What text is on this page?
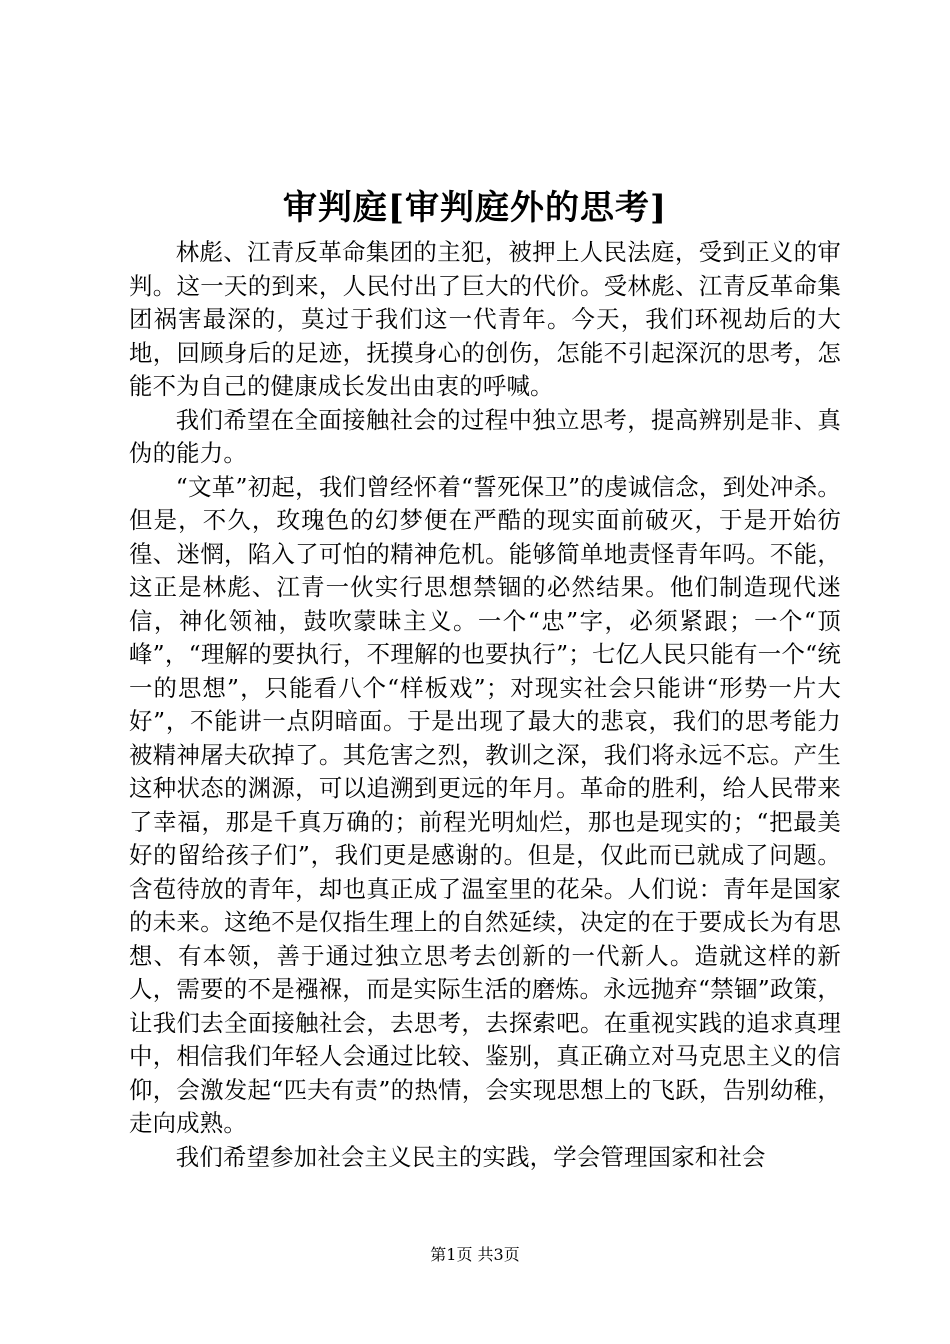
审判庭[审判庭外的思考]

林彪、江青反革命集团的主犯，被押上人民法庭，受到正义的审判。这一天的到来，人民付出了巨大的代价。受林彪、江青反革命集团祸害最深的，莫过于我们这一代青年。今天，我们环视劫后的大地，回顾身后的足迹，抚摸身心的创伤，怎能不引起深沉的思考，怎能不为自己的健康成长发出由衷的呼喊。

我们希望在全面接触社会的过程中独立思考，提高辨别是非、真伪的能力。

“文革”初起，我们曾经怀着“誓死保卫”的虔诚信念，到处冲杀。但是，不久，玫瑰色的幻梦便在严酷的现实面前破灭，于是开始彷徨、迷惘，陷入了可怕的精神危机。能够简单地责怪青年吗。不能，这正是林彪、江青一伙实行思想禁锢的必然结果。他们制造现代迷信，神化领袖，鼓吹蒙昧主义。一个“忠”字，必须紧跟；一个“顶峰”，“理解的要执行，不理解的也要执行”；七亿人民只能有一个“统一的思想”，只能看八个“样板戏”；对现实社会只能讲“形势一片大好”，不能讲一点阴暗面。于是出现了最大的悲哀，我们的思考能力被精神屠夫砍掉了。其危害之烈，教训之深，我们将永远不忘。产生这种状态的渊源，可以追溯到更远的年月。革命的胜利，给人民带来了幸福，那是千真万确的；前程光明灿烂，那也是现实的；“把最美好的留给孩子们”，我们更是感谢的。但是，仅此而已就成了问题。含苞待放的青年，却也真正成了温室里的花朵。人们说：青年是国家的未来。这绝不是仅指生理上的自然延续，决定的在于要成长为有思想、有本领，善于通过独立思考去创新的一代新人。造就这样的新人，需要的不是襁褓，而是实际生活的磨炼。永远抛弃“禁锢”政策，让我们去全面接触社会，去思考，去探索吧。在重视实践的追求真理中，相信我们年轻人会通过比较、鉴别，真正确立对马克思主义的信仰，会激发起“匹夫有责”的热情，会实现思想上的飞跃，告别幼稚，走向成熟。

我们希望参加社会主义民主的实践，学会管理国家和社会

第1页 共3页
